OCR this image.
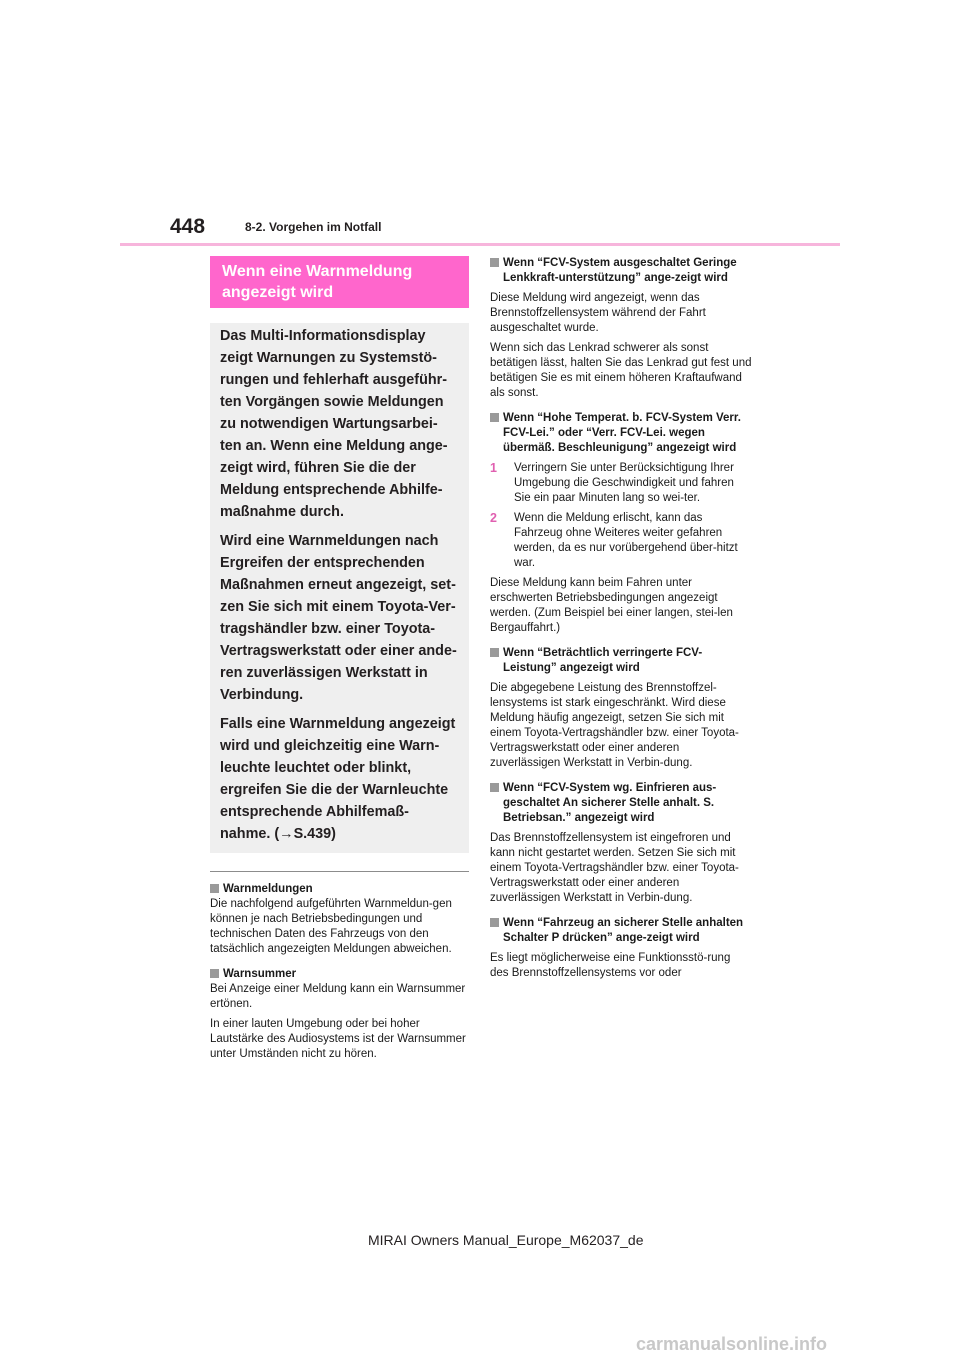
448	8-2. Vorgehen im Notfall
Wenn eine Warnmeldung
angezeigt wird

Das Multi-Informationsdisplay zeigt Warnungen zu Systemstö-rungen und fehlerhaft ausgeführ-ten Vorgängen sowie Meldungen zu notwendigen Wartungsarbei-ten an. Wenn eine Meldung ange-zeigt wird, führen Sie die der Meldung entsprechende Abhilfe-maßnahme durch.

Wird eine Warnmeldungen nach Ergreifen der entsprechenden Maßnahmen erneut angezeigt, set-zen Sie sich mit einem Toyota-Ver-tragshändler bzw. einer Toyota-Vertragswerkstatt oder einer ande-ren zuverlässigen Werkstatt in Verbindung.

Falls eine Warnmeldung angezeigt wird und gleichzeitig eine Warn-leuchte leuchtet oder blinkt, ergreifen Sie die der Warnleuchte entsprechende Abhilfemaß-nahme. (→S.439)

Warnmeldungen

Die nachfolgend aufgeführten Warnmeldun-gen können je nach Betriebsbedingungen und technischen Daten des Fahrzeugs von den tatsächlich angezeigten Meldungen abweichen.

Warnsummer

Bei Anzeige einer Meldung kann ein Warnsummer ertönen.

In einer lauten Umgebung oder bei hoher Lautstärke des Audiosystems ist der Warnsummer unter Umständen nicht zu hören.

Wenn “FCV-System ausgeschaltet Geringe Lenkkraft-unterstützung” ange-zeigt wird

Diese Meldung wird angezeigt, wenn das Brennstoffzellensystem während der Fahrt ausgeschaltet wurde.

Wenn sich das Lenkrad schwerer als sonst betätigen lässt, halten Sie das Lenkrad gut fest und betätigen Sie es mit einem höheren Kraftaufwand als sonst.

Wenn “Hohe Temperat. b. FCV-System Verr. FCV-Lei.” oder “Verr. FCV-Lei. wegen übermäß. Beschleunigung” angezeigt wird
1	Verringern Sie unter Berücksichtigung Ihrer Umgebung die Geschwindigkeit und fahren Sie ein paar Minuten lang so wei-ter.
2	Wenn die Meldung erlischt, kann das Fahrzeug ohne Weiteres weiter gefahren werden, da es nur vorübergehend über-hitzt war.

Diese Meldung kann beim Fahren unter erschwerten Betriebsbedingungen angezeigt werden. (Zum Beispiel bei einer langen, stei-len Bergauffahrt.)

Wenn “Beträchtlich verringerte FCV-Leistung” angezeigt wird

Die abgegebene Leistung des Brennstoffzel-lensystems ist stark eingeschränkt. Wird diese Meldung häufig angezeigt, setzen Sie sich mit einem Toyota-Vertragshändler bzw. einer Toyota-Vertragswerkstatt oder einer anderen zuverlässigen Werkstatt in Verbin-dung.

Wenn “FCV-System wg. Einfrieren aus-geschaltet An sicherer Stelle anhalt. S. Betriebsan.” angezeigt wird

Das Brennstoffzellensystem ist eingefroren und kann nicht gestartet werden. Setzen Sie sich mit einem Toyota-Vertragshändler bzw. einer Toyota-Vertragswerkstatt oder einer anderen zuverlässigen Werkstatt in Verbin-dung.

Wenn “Fahrzeug an sicherer Stelle anhalten Schalter P drücken” ange-zeigt wird

Es liegt möglicherweise eine Funktionsstö-rung des Brennstoffzellensystems vor oder

MIRAI Owners Manual_Europe_M62037_de
carmanualsonline.info
